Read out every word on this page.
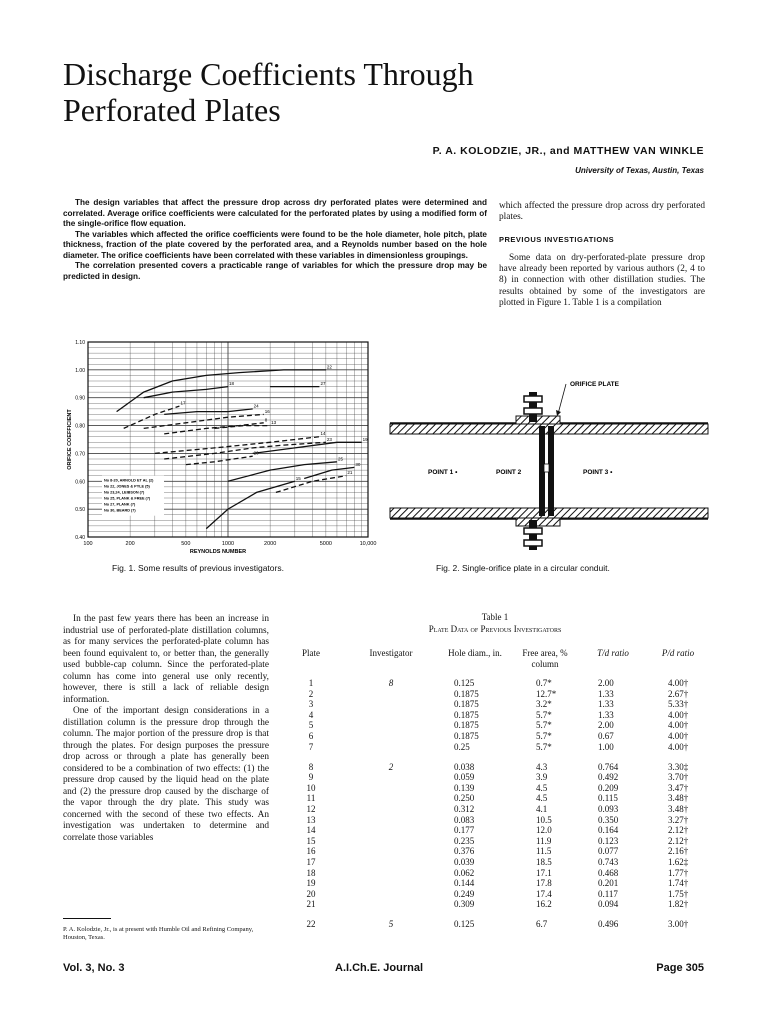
Discharge Coefficients Through
Perforated Plates
P. A. KOLODZIE, JR., and MATTHEW VAN WINKLE
University of Texas, Austin, Texas

The design variables that affect the pressure drop across dry perforated plates were determined and correlated. Average orifice coefficients were calculated for the perforated plates by using a modified form of the single-orifice flow equation.

The variables which affected the orifice coefficients were found to be the hole diameter, hole pitch, plate thickness, fraction of the plate covered by the perforated area, and a Reynolds number based on the hole diameter. The orifice coefficients have been correlated with these variables in dimensionless groupings.

The correlation presented covers a practicable range of variables for which the pressure drop may be predicted in design.

which affected the pressure drop across dry perforated plates.

PREVIOUS INVESTIGATIONS

Some data on dry-perforated-plate pressure drop have already been reported by various authors (2, 4 to 8) in connection with other distillation studies. The results obtained by some of the investigators are plotted in Figure 1. Table 1 is a compilation

100	200	500	1000	2000	5000	10,000
0.40
0.50
0.60
0.70
0.80
0.90
1.00
1.10
REYNOLDS NUMBER
ORIFICE COEFFICIENT
22
18	27
17
24
16
8
13
14
19
23
20
25
30
21
15
No 8-20, ARNOLD ET AL (2)
No 22, JONES & PYLE (5)
No 23,24, LEIBSON (7)
No 25, PLANK & FREE (7)
No 27, PLANK (7)
No 30, BEARD (7)
ORIFICE PLATE
POINT 1 •	POINT 2	POINT 3 •
Fig. 1. Some results of previous investigators.	Fig. 2. Single-orifice plate in a circular conduit.

In the past few years there has been an increase in industrial use of perforated-plate distillation columns, as for many services the perforated-plate column has been found equivalent to, or better than, the generally used bubble-cap column. Since the perforated-plate column has come into general use only recently, however, there is still a lack of reliable design information.

One of the important design considerations in a distillation column is the pressure drop through the column. The major portion of the pressure drop is that through the plates. For design purposes the pressure drop across or through a plate has generally been considered to be a combination of two effects: (1) the pressure drop caused by the liquid head on the plate and (2) the pressure drop caused by the discharge of the vapor through the dry plate. This study was concerned with the second of these two effects. An investigation was undertaken to determine and correlate those variables

P. A. Kolodzie, Jr., is at present with Humble Oil and Refining Company, Houston, Texas.
Table 1
Plate Data of Previous Investigators
Plate	Investigator	Hole diam., in.	Free area, % column	T/d ratio	P/d ratio
1	8	0.125	0.7*	2.00	4.00†
2		0.1875	12.7*	1.33	2.67†
3		0.1875	3.2*	1.33	5.33†
4		0.1875	5.7*	1.33	4.00†
5		0.1875	5.7*	2.00	4.00†
6		0.1875	5.7*	0.67	4.00†
7		0.25	5.7*	1.00	4.00†
8	2	0.038	4.3	0.764	3.30‡
9		0.059	3.9	0.492	3.70†
10		0.139	4.5	0.209	3.47†
11		0.250	4.5	0.115	3.48†
12		0.312	4.1	0.093	3.48†
13		0.083	10.5	0.350	3.27†
14		0.177	12.0	0.164	2.12†
15		0.235	11.9	0.123	2.12†
16		0.376	11.5	0.077	2.16†
17		0.039	18.5	0.743	1.62‡
18		0.062	17.1	0.468	1.77†
19		0.144	17.8	0.201	1.74†
20		0.249	17.4	0.117	1.75†
21		0.309	16.2	0.094	1.82†
22	5	0.125	6.7	0.496	3.00†
Vol. 3, No. 3	A.I.Ch.E. Journal	Page 305
